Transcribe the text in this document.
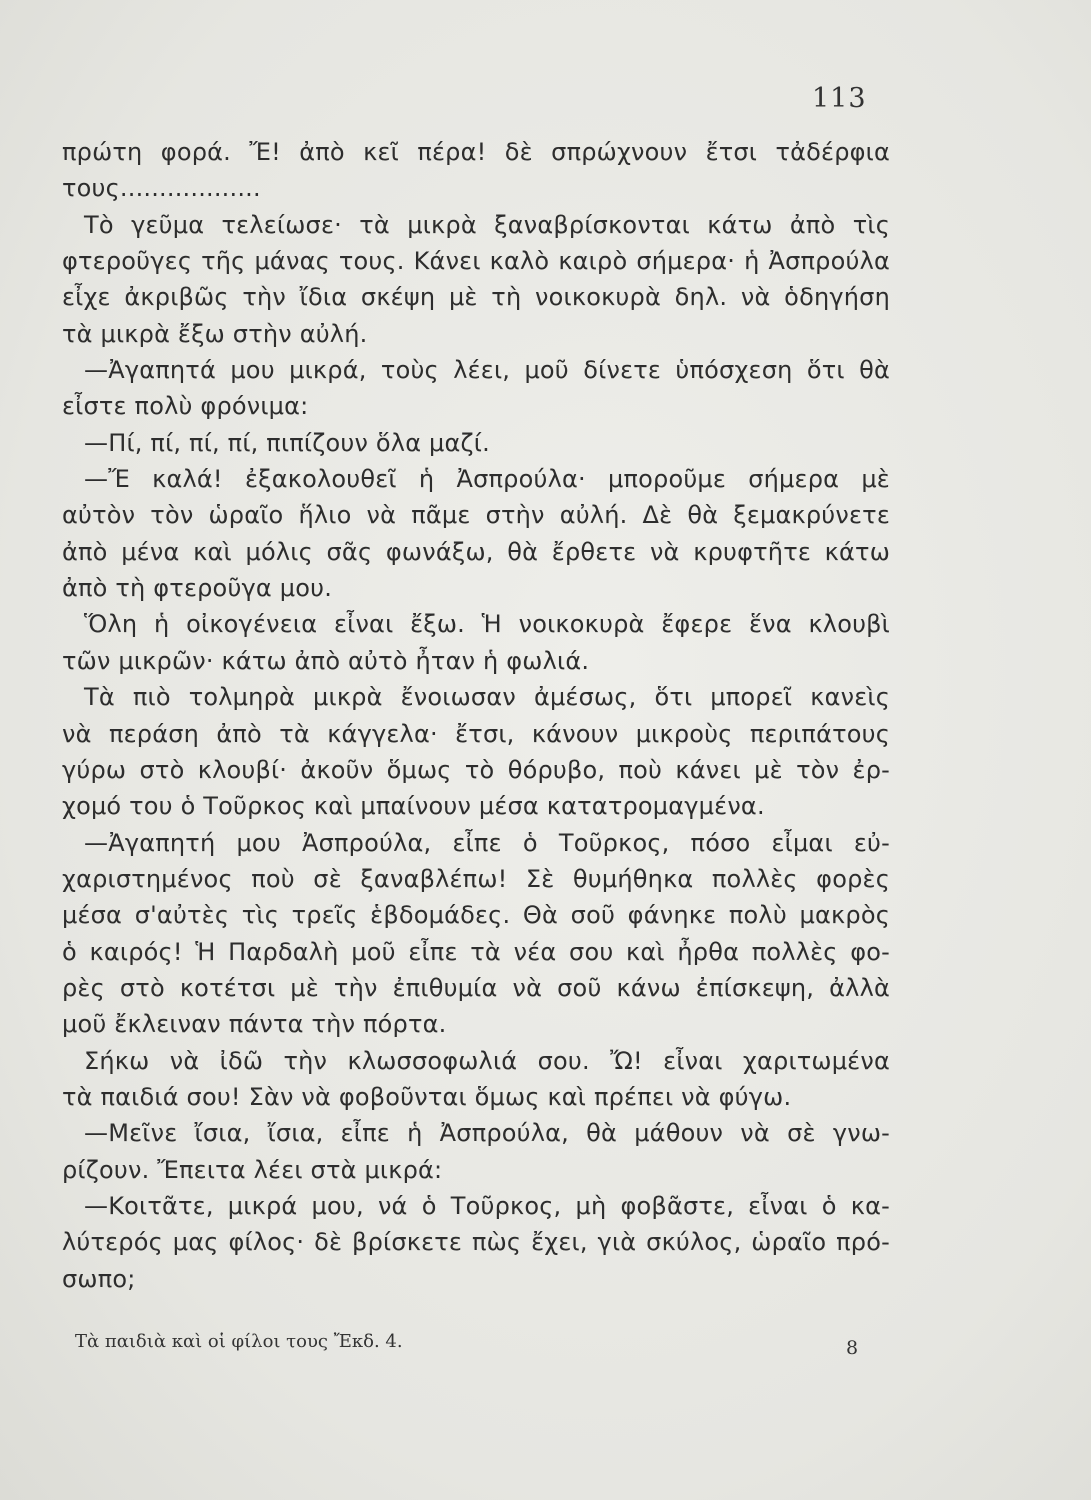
113
πρώτη φορά. Ἔ! ἀπὸ κεῖ πέρα! δὲ σπρώχνουν ἔτσι τἀδέρφια
τους..................
Τὸ γεῦμα τελείωσε· τὰ μικρὰ ξαναβρίσκονται κάτω ἀπὸ τὶς
φτεροῦγες τῆς μάνας τους. Κάνει καλὸ καιρὸ σήμερα· ἡ Ἀσπρούλα
εἶχε ἀκριβῶς τὴν ἴδια σκέψη μὲ τὴ νοικοκυρὰ δηλ. νὰ ὁδηγήση
τὰ μικρὰ ἔξω στὴν αὐλή.
—Ἀγαπητά μου μικρά, τοὺς λέει, μοῦ δίνετε ὑπόσχεση ὅτι θὰ
εἶστε πολὺ φρόνιμα:
—Πί, πί, πί, πί, πιπίζουν ὅλα μαζί.
—Ἔ καλά! ἐξακολουθεῖ ἡ Ἀσπρούλα· μποροῦμε σήμερα μὲ
αὐτὸν τὸν ὡραῖο ἥλιο νὰ πᾶμε στὴν αὐλή. Δὲ θὰ ξεμακρύνετε
ἀπὸ μένα καὶ μόλις σᾶς φωνάξω, θὰ ἔρθετε νὰ κρυφτῆτε κάτω
ἀπὸ τὴ φτεροῦγα μου.
Ὅλη ἡ οἰκογένεια εἶναι ἔξω. Ἡ νοικοκυρὰ ἔφερε ἕνα κλουβὶ
τῶν μικρῶν· κάτω ἀπὸ αὐτὸ ἦταν ἡ φωλιά.
Τὰ πιὸ τολμηρὰ μικρὰ ἔνοιωσαν ἀμέσως, ὅτι μπορεῖ κανεὶς
νὰ περάση ἀπὸ τὰ κάγγελα· ἔτσι, κάνουν μικροὺς περιπάτους
γύρω στὸ κλουβί· ἀκοῦν ὅμως τὸ θόρυβο, ποὺ κάνει μὲ τὸν ἐρ-
χομό του ὁ Τοῦρκος καὶ μπαίνουν μέσα κατατρομαγμένα.
—Ἀγαπητή μου Ἀσπρούλα, εἶπε ὁ Τοῦρκος, πόσο εἶμαι εὐ-
χαριστημένος ποὺ σὲ ξαναβλέπω! Σὲ θυμήθηκα πολλὲς φορὲς
μέσα σ'αὐτὲς τὶς τρεῖς ἑβδομάδες. Θὰ σοῦ φάνηκε πολὺ μακρὸς
ὁ καιρός! Ἡ Παρδαλὴ μοῦ εἶπε τὰ νέα σου καὶ ἦρθα πολλὲς φο-
ρὲς στὸ κοτέτσι μὲ τὴν ἐπιθυμία νὰ σοῦ κάνω ἐπίσκεψη, ἀλλὰ
μοῦ ἔκλειναν πάντα τὴν πόρτα.
Σήκω νὰ ἰδῶ τὴν κλωσσοφωλιά σου. Ὤ! εἶναι χαριτωμένα
τὰ παιδιά σου! Σὰν νὰ φοβοῦνται ὅμως καὶ πρέπει νὰ φύγω.
—Μεῖνε ἴσια, ἴσια, εἶπε ἡ Ἀσπρούλα, θὰ μάθουν νὰ σὲ γνω-
ρίζουν. Ἔπειτα λέει στὰ μικρά:
—Κοιτᾶτε, μικρά μου, νά ὁ Τοῦρκος, μὴ φοβᾶστε, εἶναι ὁ κα-
λύτερός μας φίλος· δὲ βρίσκετε πὼς ἔχει, γιὰ σκύλος, ὡραῖο πρό-
σωπο;
Τὰ παιδιὰ καὶ οἱ φίλοι τους Ἔκδ. 4.	8
